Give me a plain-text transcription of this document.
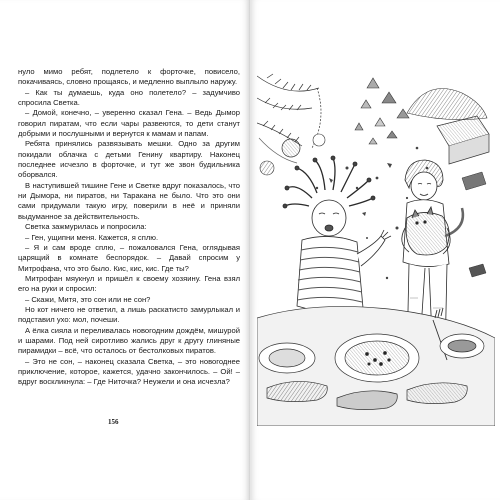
нуло мимо ребят, подлетело к форточке, повисело, покачиваясь, словно прощаясь, и медленно выплыло наружу.

– Как ты думаешь, куда оно полетело? – задумчиво спросила Светка.

– Домой, конечно, – уверенно сказал Гена. – Ведь Дымор говорил пиратам, что если чары развеются, то дети станут добрыми и послушными и вернутся к мамам и папам.

Ребята принялись развязывать мешки. Одно за другим покидали облачка с детьми Генину квартиру. Наконец последнее исчезло в форточке, и тут же звон будильника оборвался.

В наступившей тишине Гене и Светке вдруг показалось, что ни Дымора, ни пиратов, ни Таракана не было. Что это они сами придумали такую игру, поверили в неё и приняли выдуманное за действительность.

Светка зажмурилась и попросила:

– Ген, ущипни меня. Кажется, я сплю.

– Я и сам вроде сплю, – пожаловался Гена, оглядывая царящий в комнате беспорядок. – Давай спросим у Митрофана, что это было. Кис, кис, кис. Где ты?

Митрофан мяукнул и пришёл к своему хозяину. Гена взял его на руки и спросил:

– Скажи, Митя, это сон или не сон?

Но кот ничего не ответил, а лишь раскатисто замурлыкал и подставил ухо: мол, почеши.

А ёлка сияла и переливалась новогодним дождём, мишурой и шарами. Под ней сиротливо жались друг к другу глиняные пирамидки – всё, что осталось от бестолковых пиратов.

– Это не сон, – наконец сказала Светка, – это новогоднее приключение, которое, кажется, удачно закончилось. – Ой! – вдруг воскликнула: – Где Ниточка? Неужели и она исчезла?

156
